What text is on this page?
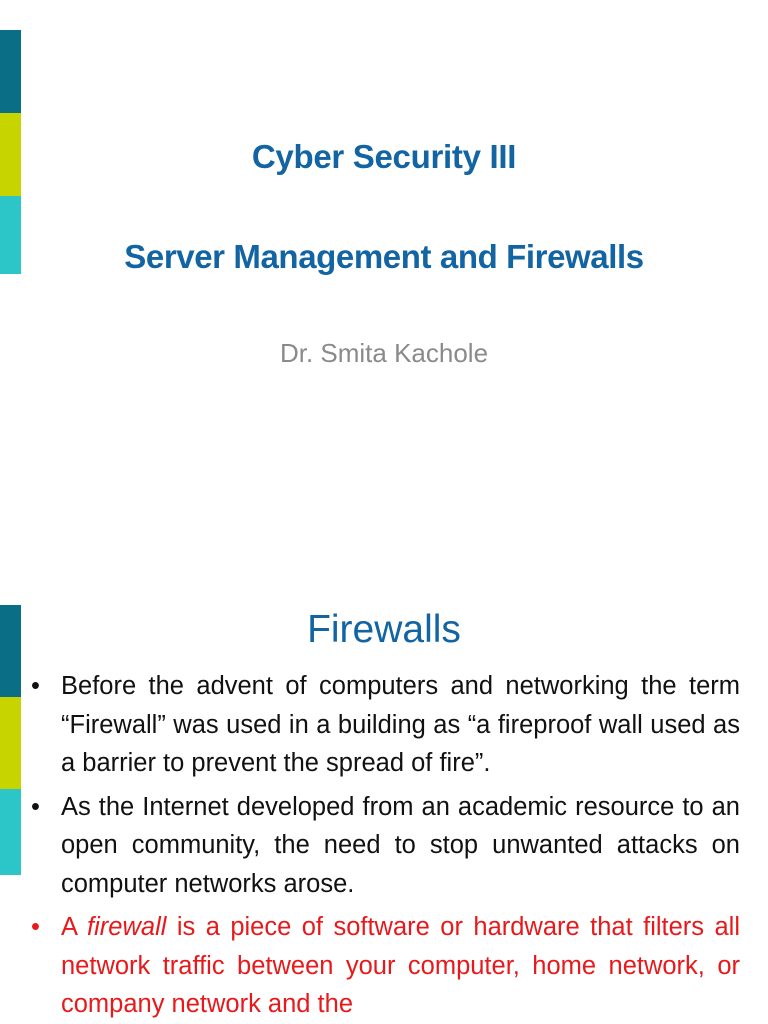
Cyber Security III
Server Management and Firewalls
Dr. Smita Kachole
Firewalls
• Before the advent of computers and networking the term “Firewall” was used in a building as “a fireproof wall used as a barrier to prevent the spread of fire”.
• As the Internet developed from an academic resource to an open community, the need to stop unwanted attacks on computer networks arose.
• A firewall is a piece of software or hardware that filters all network traffic between your computer, home network, or company network and the
